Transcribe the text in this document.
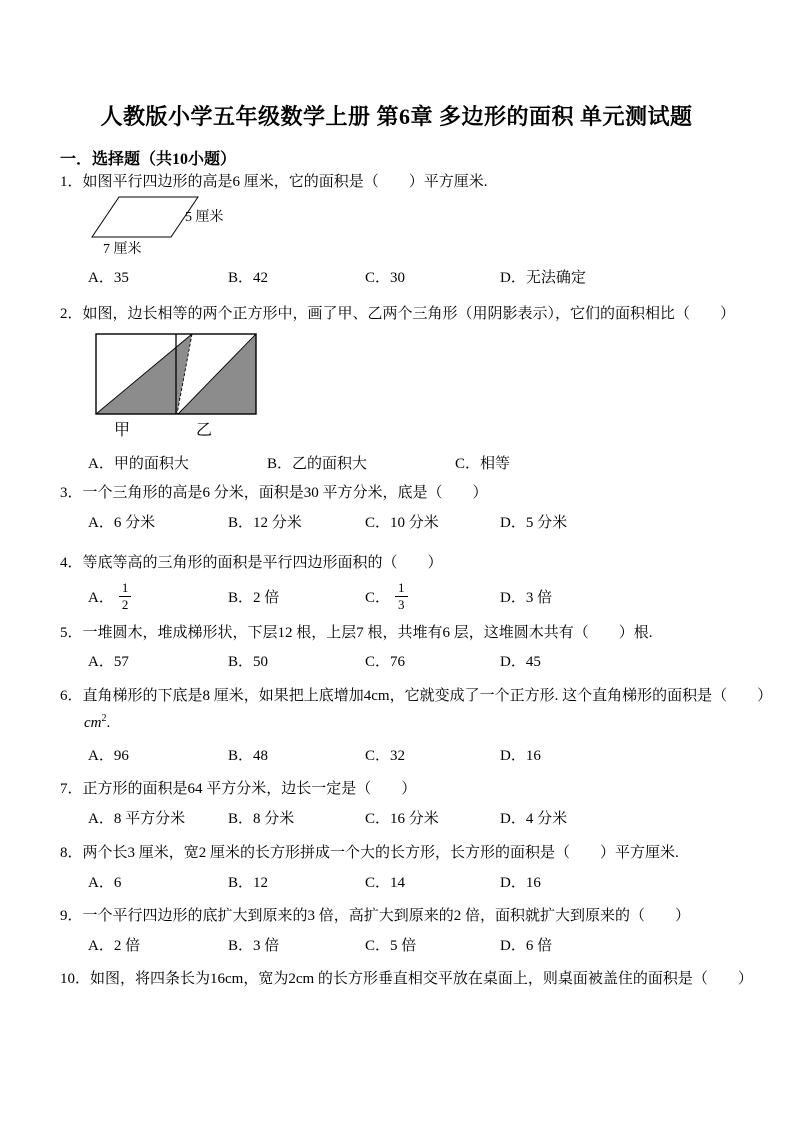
人教版小学五年级数学上册 第6章 多边形的面积 单元测试题
一．选择题（共10小题）
1．如图平行四边形的高是6 厘米，它的面积是（　　）平方厘米.
5 厘米
7 厘米
A．35	B．42	C．30	D．无法确定
2．如图，边长相等的两个正方形中，画了甲、乙两个三角形（用阴影表示），它们的面积相比（　　）
甲	乙
A．甲的面积大	B．乙的面积大	C．相等
3．一个三角形的高是6 分米，面积是30 平方分米，底是（　　）
A．6 分米	B．12 分米	C．10 分米	D．5 分米
4．等底等高的三角形的面积是平行四边形面积的（　　）
A． $\frac{1}{2}$	B．2 倍	C． $\frac{1}{3}$	D．3 倍
5．一堆圆木，堆成梯形状，下层12 根，上层7 根，共堆有6 层，这堆圆木共有（　　）根.
A．57	B．50	C．76	D．45
6．直角梯形的下底是8 厘米，如果把上底增加4cm，它就变成了一个正方形. 这个直角梯形的面积是（　　）
$cm^2$.
A．96	B．48	C．32	D．16
7．正方形的面积是64 平方分米，边长一定是（　　）
A．8 平方分米	B．8 分米	C．16 分米	D．4 分米
8．两个长3 厘米，宽2 厘米的长方形拼成一个大的长方形，长方形的面积是（　　）平方厘米.
A．6	B．12	C．14	D．16
9．一个平行四边形的底扩大到原来的3 倍，高扩大到原来的2 倍，面积就扩大到原来的（　　）
A．2 倍	B．3 倍	C．5 倍	D．6 倍
10．如图，将四条长为16cm，宽为2cm 的长方形垂直相交平放在桌面上，则桌面被盖住的面积是（　　）
